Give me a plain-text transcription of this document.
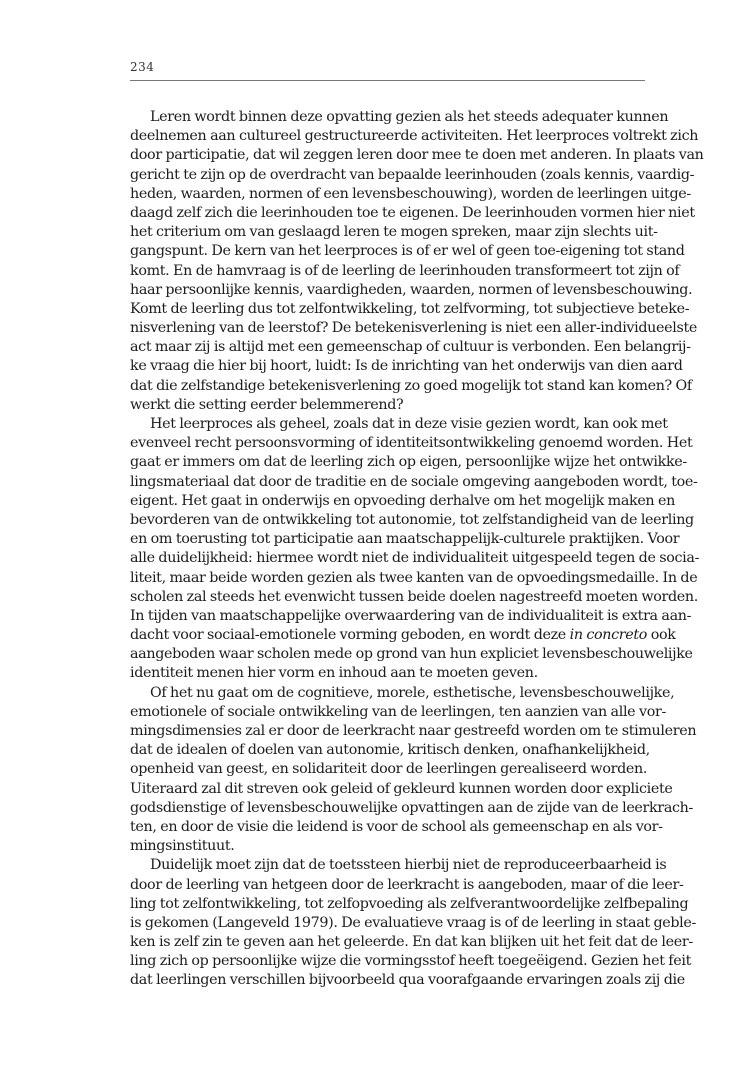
234
Leren wordt binnen deze opvatting gezien als het steeds adequater kunnen
deelnemen aan cultureel gestructureerde activiteiten. Het leerproces voltrekt zich
door participatie, dat wil zeggen leren door mee te doen met anderen. In plaats van
gericht te zijn op de overdracht van bepaalde leerinhouden (zoals kennis, vaardig-
heden, waarden, normen of een levensbeschouwing), worden de leerlingen uitge-
daagd zelf zich die leerinhouden toe te eigenen. De leerinhouden vormen hier niet
het criterium om van geslaagd leren te mogen spreken, maar zijn slechts uit-
gangspunt. De kern van het leerproces is of er wel of geen toe-eigening tot stand
komt. En de hamvraag is of de leerling de leerinhouden transformeert tot zijn of
haar persoonlijke kennis, vaardigheden, waarden, normen of levensbeschouwing.
Komt de leerling dus tot zelfontwikkeling, tot zelfvorming, tot subjectieve beteke-
nisverlening van de leerstof? De betekenisverlening is niet een aller-individueelste
act maar zij is altijd met een gemeenschap of cultuur is verbonden. Een belangrij-
ke vraag die hier bij hoort, luidt: Is de inrichting van het onderwijs van dien aard
dat die zelfstandige betekenisverlening zo goed mogelijk tot stand kan komen? Of
werkt die setting eerder belemmerend?
Het leerproces als geheel, zoals dat in deze visie gezien wordt, kan ook met
evenveel recht persoonsvorming of identiteitsontwikkeling genoemd worden. Het
gaat er immers om dat de leerling zich op eigen, persoonlijke wijze het ontwikke-
lingsmateriaal dat door de traditie en de sociale omgeving aangeboden wordt, toe-
eigent. Het gaat in onderwijs en opvoeding derhalve om het mogelijk maken en
bevorderen van de ontwikkeling tot autonomie, tot zelfstandigheid van de leerling
en om toerusting tot participatie aan maatschappelijk-culturele praktijken. Voor
alle duidelijkheid: hiermee wordt niet de individualiteit uitgespeeld tegen de socia-
liteit, maar beide worden gezien als twee kanten van de opvoedingsmedaille. In de
scholen zal steeds het evenwicht tussen beide doelen nagestreefd moeten worden.
In tijden van maatschappelijke overwaardering van de individualiteit is extra aan-
dacht voor sociaal-emotionele vorming geboden, en wordt deze in concreto ook
aangeboden waar scholen mede op grond van hun expliciet levensbeschouwelijke
identiteit menen hier vorm en inhoud aan te moeten geven.
Of het nu gaat om de cognitieve, morele, esthetische, levensbeschouwelijke,
emotionele of sociale ontwikkeling van de leerlingen, ten aanzien van alle vor-
mingsdimensies zal er door de leerkracht naar gestreefd worden om te stimuleren
dat de idealen of doelen van autonomie, kritisch denken, onafhankelijkheid,
openheid van geest, en solidariteit door de leerlingen gerealiseerd worden.
Uiteraard zal dit streven ook geleid of gekleurd kunnen worden door expliciete
godsdienstige of levensbeschouwelijke opvattingen aan de zijde van de leerkrach-
ten, en door de visie die leidend is voor de school als gemeenschap en als vor-
mingsinstituut.
Duidelijk moet zijn dat de toetssteen hierbij niet de reproduceerbaarheid is
door de leerling van hetgeen door de leerkracht is aangeboden, maar of die leer-
ling tot zelfontwikkeling, tot zelfopvoeding als zelfverantwoordelijke zelfbepaling
is gekomen (Langeveld 1979). De evaluatieve vraag is of de leerling in staat geble-
ken is zelf zin te geven aan het geleerde. En dat kan blijken uit het feit dat de leer-
ling zich op persoonlijke wijze die vormingsstof heeft toegeëigend. Gezien het feit
dat leerlingen verschillen bijvoorbeeld qua voorafgaande ervaringen zoals zij die
